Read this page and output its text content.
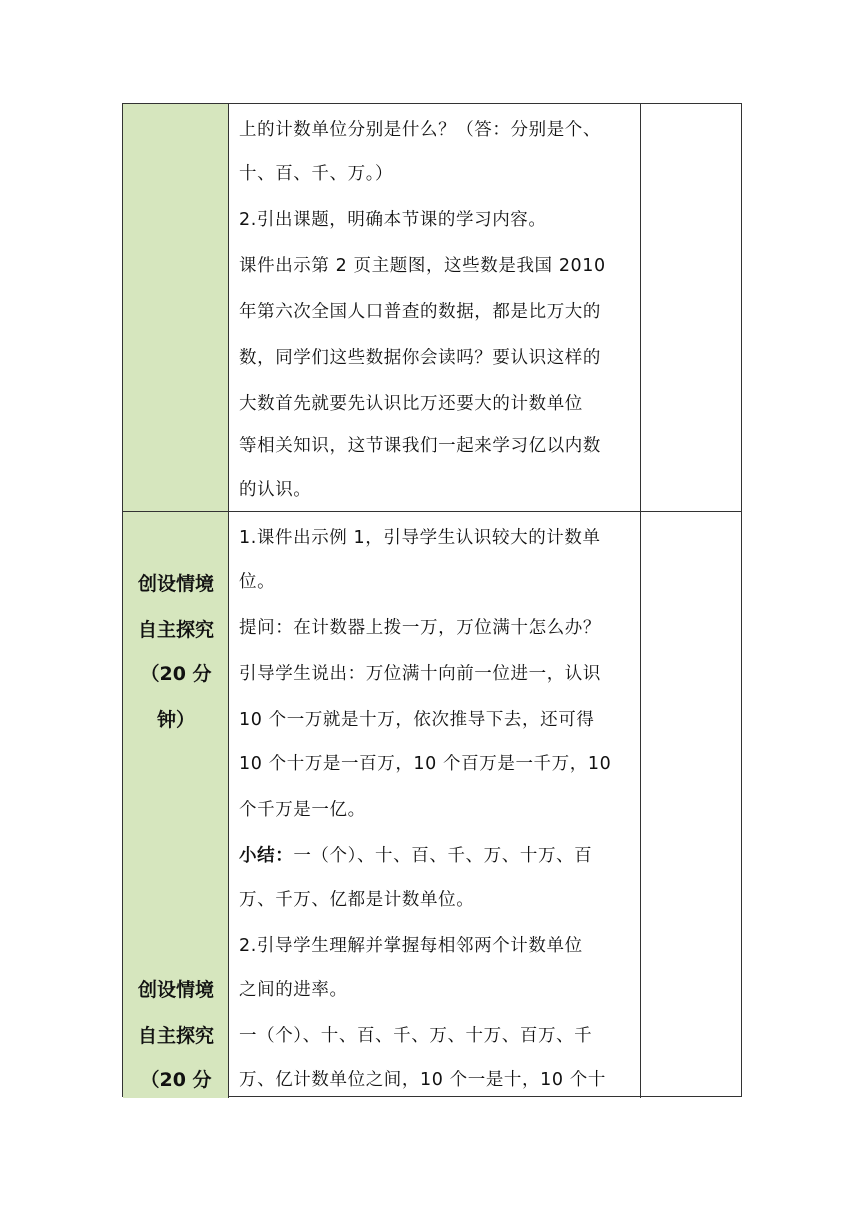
上的计数单位分别是什么？（答：分别是个、
十、百、千、万。）
2.引出课题，明确本节课的学习内容。
课件出示第 2 页主题图，这些数是我国 2010
年第六次全国人口普查的数据，都是比万大的
数，同学们这些数据你会读吗？要认识这样的
大数首先就要先认识比万还要大的计数单位
等相关知识，这节课我们一起来学习亿以内数
的认识。
创设情境
自主探究
（20 分
钟）
创设情境
自主探究
（20 分
1.课件出示例 1，引导学生认识较大的计数单
位。
提问：在计数器上拨一万，万位满十怎么办？
引导学生说出：万位满十向前一位进一，认识
10 个一万就是十万，依次推导下去，还可得
10 个十万是一百万，10 个百万是一千万，10
个千万是一亿。
小结：一（个）、十、百、千、万、十万、百
万、千万、亿都是计数单位。
2.引导学生理解并掌握每相邻两个计数单位
之间的进率。
一（个）、十、百、千、万、十万、百万、千
万、亿计数单位之间，10 个一是十，10 个十
